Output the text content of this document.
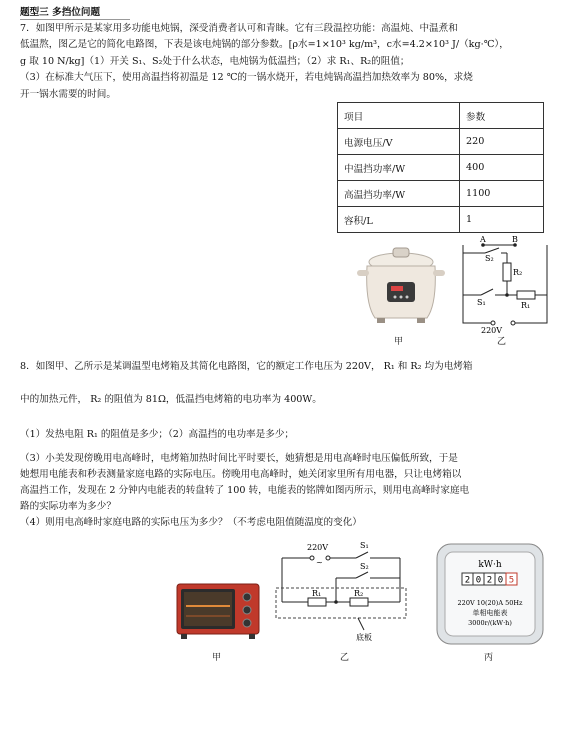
题型三 多挡位问题
7．如图甲所示是某家用多功能电炖锅，深受消费者认可和青睐。它有三段温控功能：高温炖、中温煮和
低温熬，图乙是它的简化电路图，下表是该电炖锅的部分参数。[ρ水=1×10³ kg/m³，c水=4.2×10³ J/（kg·℃），
g 取 10 N/kg]（1）开关 S₁、S₂处于什么状态，电炖锅为低温挡；（2）求 R₁、R₂的阻值；
（3）在标准大气压下，使用高温挡将初温是 12 ℃的一锅水烧开，若电炖锅高温挡加热效率为 80%，求烧
开一锅水需要的时间。
项目	参数
电源电压/V	220
中温挡功率/W	400
高温挡功率/W	1100
容积/L	1
甲
A	B
S₂
R₂
S₁	R₁
220V
乙
8．如图甲、乙所示是某调温型电烤箱及其简化电路图，它的额定工作电压为 220V， R₁ 和 R₂ 均为电烤箱
中的加热元件， R₂ 的阻值为 81Ω，低温挡电烤箱的电功率为 400W。
（1）发热电阻 R₁ 的阻值是多少；（2）高温挡的电功率是多少；
（3）小美发现傍晚用电高峰时，电烤箱加热时间比平时要长，她猜想是用电高峰时电压偏低所致，于是
她想用电能表和秒表测量家庭电路的实际电压。傍晚用电高峰时，她关闭家里所有用电器，只让电烤箱以
高温挡工作，发现在 2 分钟内电能表的转盘转了 100 转，电能表的铭牌如图丙所示，则用电高峰时家庭电
路的实际功率为多少？
（4）则用电高峰时家庭电路的实际电压为多少？（不考虑电阻值随温度的变化）
甲
220V
~
S₁
S₂
R₁	R₂
底板
乙
kW·h
2 0 2 0 5
220V 10(20)A 50Hz
单相电能表
3000r/(kW·h)
丙
